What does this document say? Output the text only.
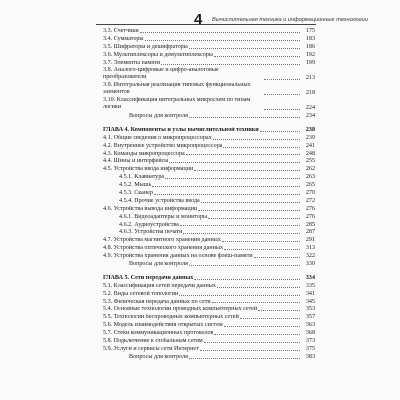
4 Вычислительная техника и информационные технологии
3.3. Счетчики	175
3.4. Сумматоры	183
3.5. Шифраторы и дешифраторы	186
3.6. Мультиплексоры и демультиплексоры	192
3.7. Элементы памяти	199
3.8. Аналого-цифровые и цифро-аналоговые преобразователи	213
3.9. Интегральная реализация типовых функциональных элементов	218
3.10. Классификация интегральных микросхем по типам логики	224
Вопросы для контроля	234
ГЛАВА 4. Компоненты и узлы вычислительной техники	238
4.1. Общие сведения о микропроцессорах	239
4.2. Внутреннее устройство микропроцессора	241
4.3. Команды микропроцессора	248
4.4. Шины и интерфейсы	255
4.5. Устройства ввода информации	262
4.5.1. Клавиатура	263
4.5.2. Мышь	265
4.5.3. Сканер	270
4.5.4. Прочие устройства ввода	272
4.6. Устройства вывода информации	276
4.6.1. Видеоадаптеры и мониторы	276
4.6.2. Аудиоустройства	285
4.6.3. Устройства печати	287
4.7. Устройства магнитного хранения данных	291
4.8. Устройства оптического хранения данных	313
4.9. Устройства хранения данных на основе флеш-памяти	322
Вопросы для контроля	330
ГЛАВА 5. Сети передачи данных	334
5.1. Классификация сетей передачи данных	335
5.2. Виды сетевой топологии	341
5.3. Физическая передача данных по сети	345
5.4. Основные технологии проводных компьютерных сетей	353
5.5. Технологии беспроводных компьютерных сетей	357
5.6. Модель взаимодействия открытых систем	363
5.7. Стеки коммуникационных протоколов	368
5.8. Подключение к глобальным сетям	373
5.9. Услуги и сервисы сети Интернет	375
Вопросы для контроля	383
